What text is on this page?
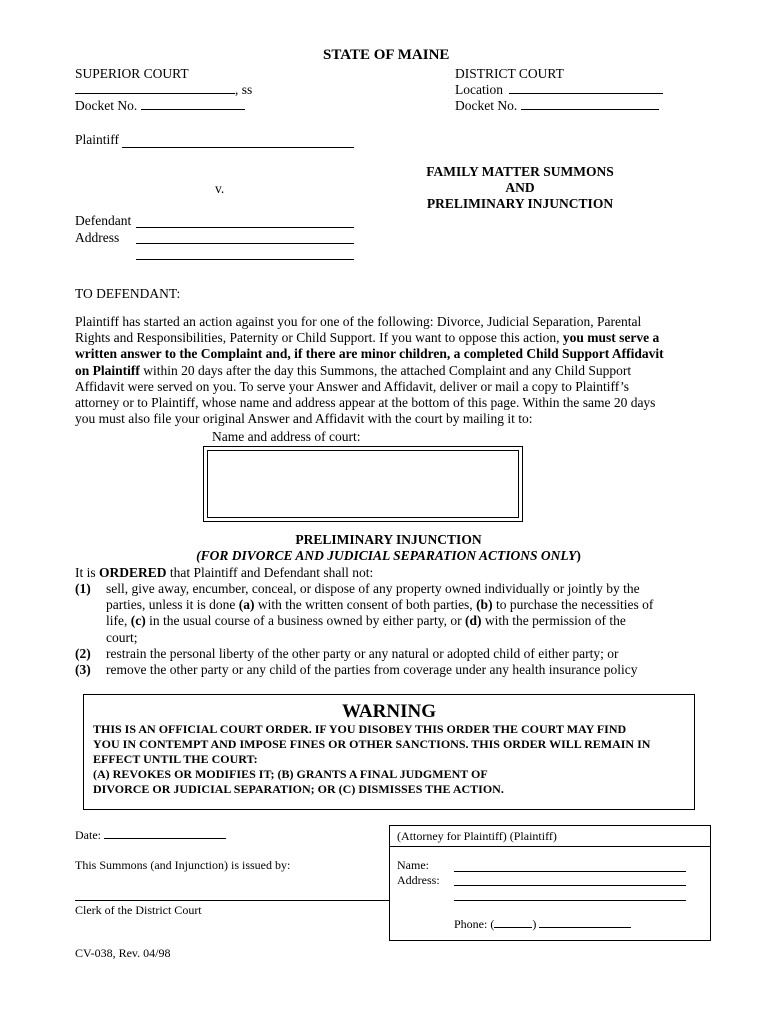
STATE OF MAINE
SUPERIOR COURT
, ss
Docket No.
DISTRICT COURT
Location
Docket No.
Plaintiff
v.
Defendant
Address
FAMILY MATTER SUMMONS
AND
PRELIMINARY INJUNCTION
TO DEFENDANT:
Plaintiff has started an action against you for one of the following: Divorce, Judicial Separation, Parental
Rights and Responsibilities, Paternity or Child Support. If you want to oppose this action, you must serve a
written answer to the Complaint and, if there are minor children, a completed Child Support Affidavit
on Plaintiff within 20 days after the day this Summons, the attached Complaint and any Child Support
Affidavit were served on you. To serve your Answer and Affidavit, deliver or mail a copy to Plaintiff’s
attorney or to Plaintiff, whose name and address appear at the bottom of this page. Within the same 20 days
you must also file your original Answer and Affidavit with the court by mailing it to:
Name and address of court:
PRELIMINARY INJUNCTION
(FOR DIVORCE AND JUDICIAL SEPARATION ACTIONS ONLY)
It is ORDERED that Plaintiff and Defendant shall not:
(1) sell, give away, encumber, conceal, or dispose of any property owned individually or jointly by the
parties, unless it is done (a) with the written consent of both parties, (b) to purchase the necessities of
life, (c) in the usual course of a business owned by either party, or (d) with the permission of the
court;
(2) restrain the personal liberty of the other party or any natural or adopted child of either party; or
(3) remove the other party or any child of the parties from coverage under any health insurance policy
WARNING
THIS IS AN OFFICIAL COURT ORDER. IF YOU DISOBEY THIS ORDER THE COURT MAY FIND
YOU IN CONTEMPT AND IMPOSE FINES OR OTHER SANCTIONS. THIS ORDER WILL REMAIN IN
EFFECT UNTIL THE COURT:
(A) REVOKES OR MODIFIES IT; (B) GRANTS A FINAL JUDGMENT OF
DIVORCE OR JUDICIAL SEPARATION; OR (C) DISMISSES THE ACTION.
Date:
This Summons (and Injunction) is issued by:
Clerk of the District Court
(Attorney for Plaintiff) (Plaintiff)
Name:
Address:
Phone: (	)
CV-038, Rev. 04/98
